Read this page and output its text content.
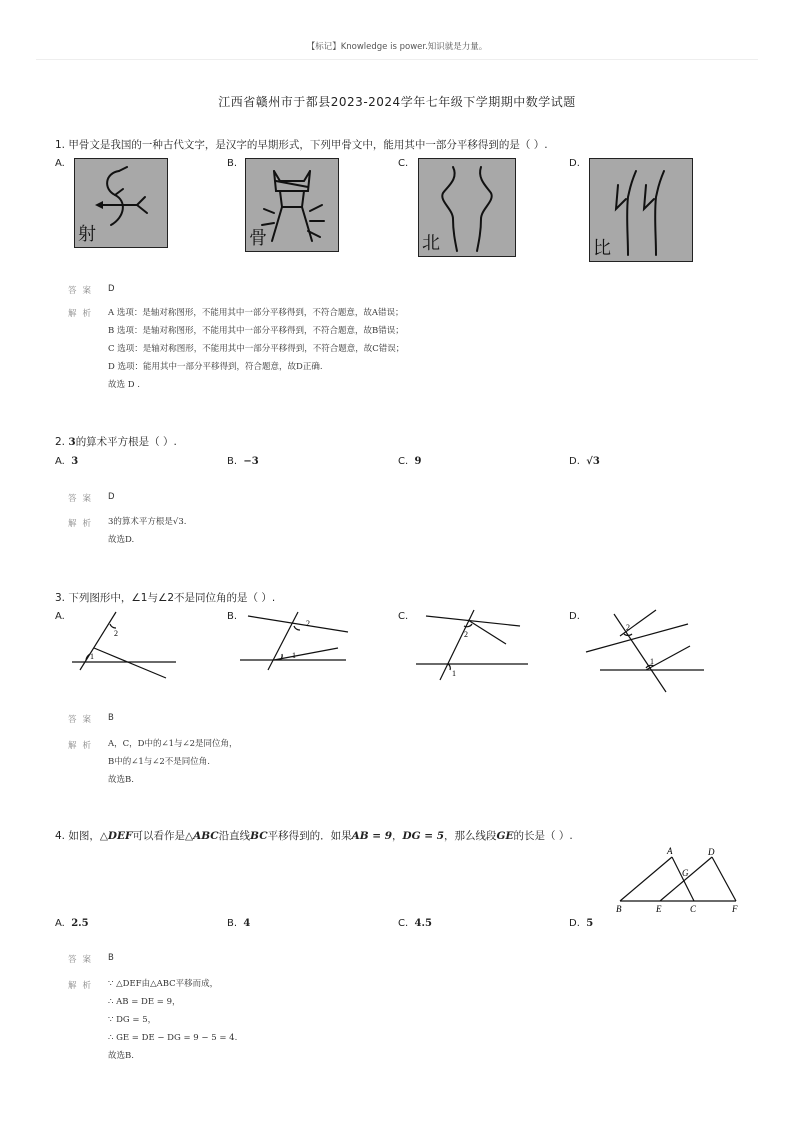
【标记】Knowledge is power.知识就是力量。
江西省赣州市于都县2023-2024学年七年级下学期期中数学试题
1. 甲骨文是我国的一种古代文字，是汉字的早期形式，下列甲骨文中，能用其中一部分平移得到的是（ ）.
A.	B.	C.	D.
射	骨	北	比
答案 D
解析 A 选项：是轴对称图形，不能用其中一部分平移得到，不符合题意，故A错误；
B 选项：是轴对称图形，不能用其中一部分平移得到，不符合题意，故B错误；
C 选项：是轴对称图形，不能用其中一部分平移得到，不符合题意，故C错误；
D 选项：能用其中一部分平移得到，符合题意，故D正确.
故选 D .
2. 3的算术平方根是（ ）.
A. 3	B. −3	C. 9	D. √3
答案 D
解析 3的算术平方根是√3.
故选D.
3. 下列图形中，∠1与∠2不是同位角的是（ ）.
A.	B.	C.	D.
1
2
2
1
2
1
2
1
答案 B
解析 A，C，D中的∠1与∠2是同位角，
B中的∠1与∠2不是同位角.
故选B.
4. 如图，△DEF可以看作是△ABC沿直线BC平移得到的．如果AB = 9，DG = 5，那么线段GE的长是（ ）.
A	D
G
B	E	C	F
A. 2.5	B. 4	C. 4.5	D. 5
答案 B
解析 ∵ △DEF由△ABC平移而成，
∴ AB = DE = 9，
∵ DG = 5，
∴ GE = DE − DG = 9 − 5 = 4.
故选B.
